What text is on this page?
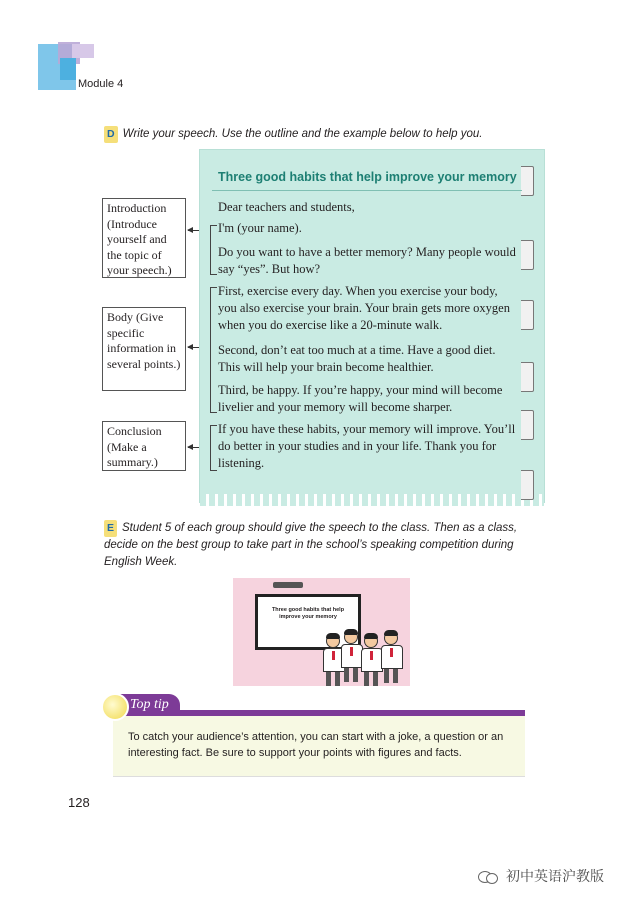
Module 4
D Write your speech. Use the outline and the example below to help you.
Introduction (Introduce yourself and the topic of your speech.)
Body (Give specific information in several points.)
Conclusion (Make a summary.)
Three good habits that help improve your memory

Dear teachers and students,

I'm (your name).

Do you want to have a better memory? Many people would say “yes”. But how?

First, exercise every day. When you exercise your body, you also exercise your brain. Your brain gets more oxygen when you do exercise like a 20-minute walk.

Second, don’t eat too much at a time. Have a good diet. This will help your brain become healthier.

Third, be happy. If you’re happy, your mind will become livelier and your memory will become sharper.

If you have these habits, your memory will improve. You’ll do better in your studies and in your life. Thank you for listening.

E Student 5 of each group should give the speech to the class. Then as a class, decide on the best group to take part in the school’s speaking competition during English Week.
Three good habits that help improve your memory
Top tip
To catch your audience’s attention, you can start with a joke, a question or an interesting fact. Be sure to support your points with figures and facts.
128
初中英语沪教版
